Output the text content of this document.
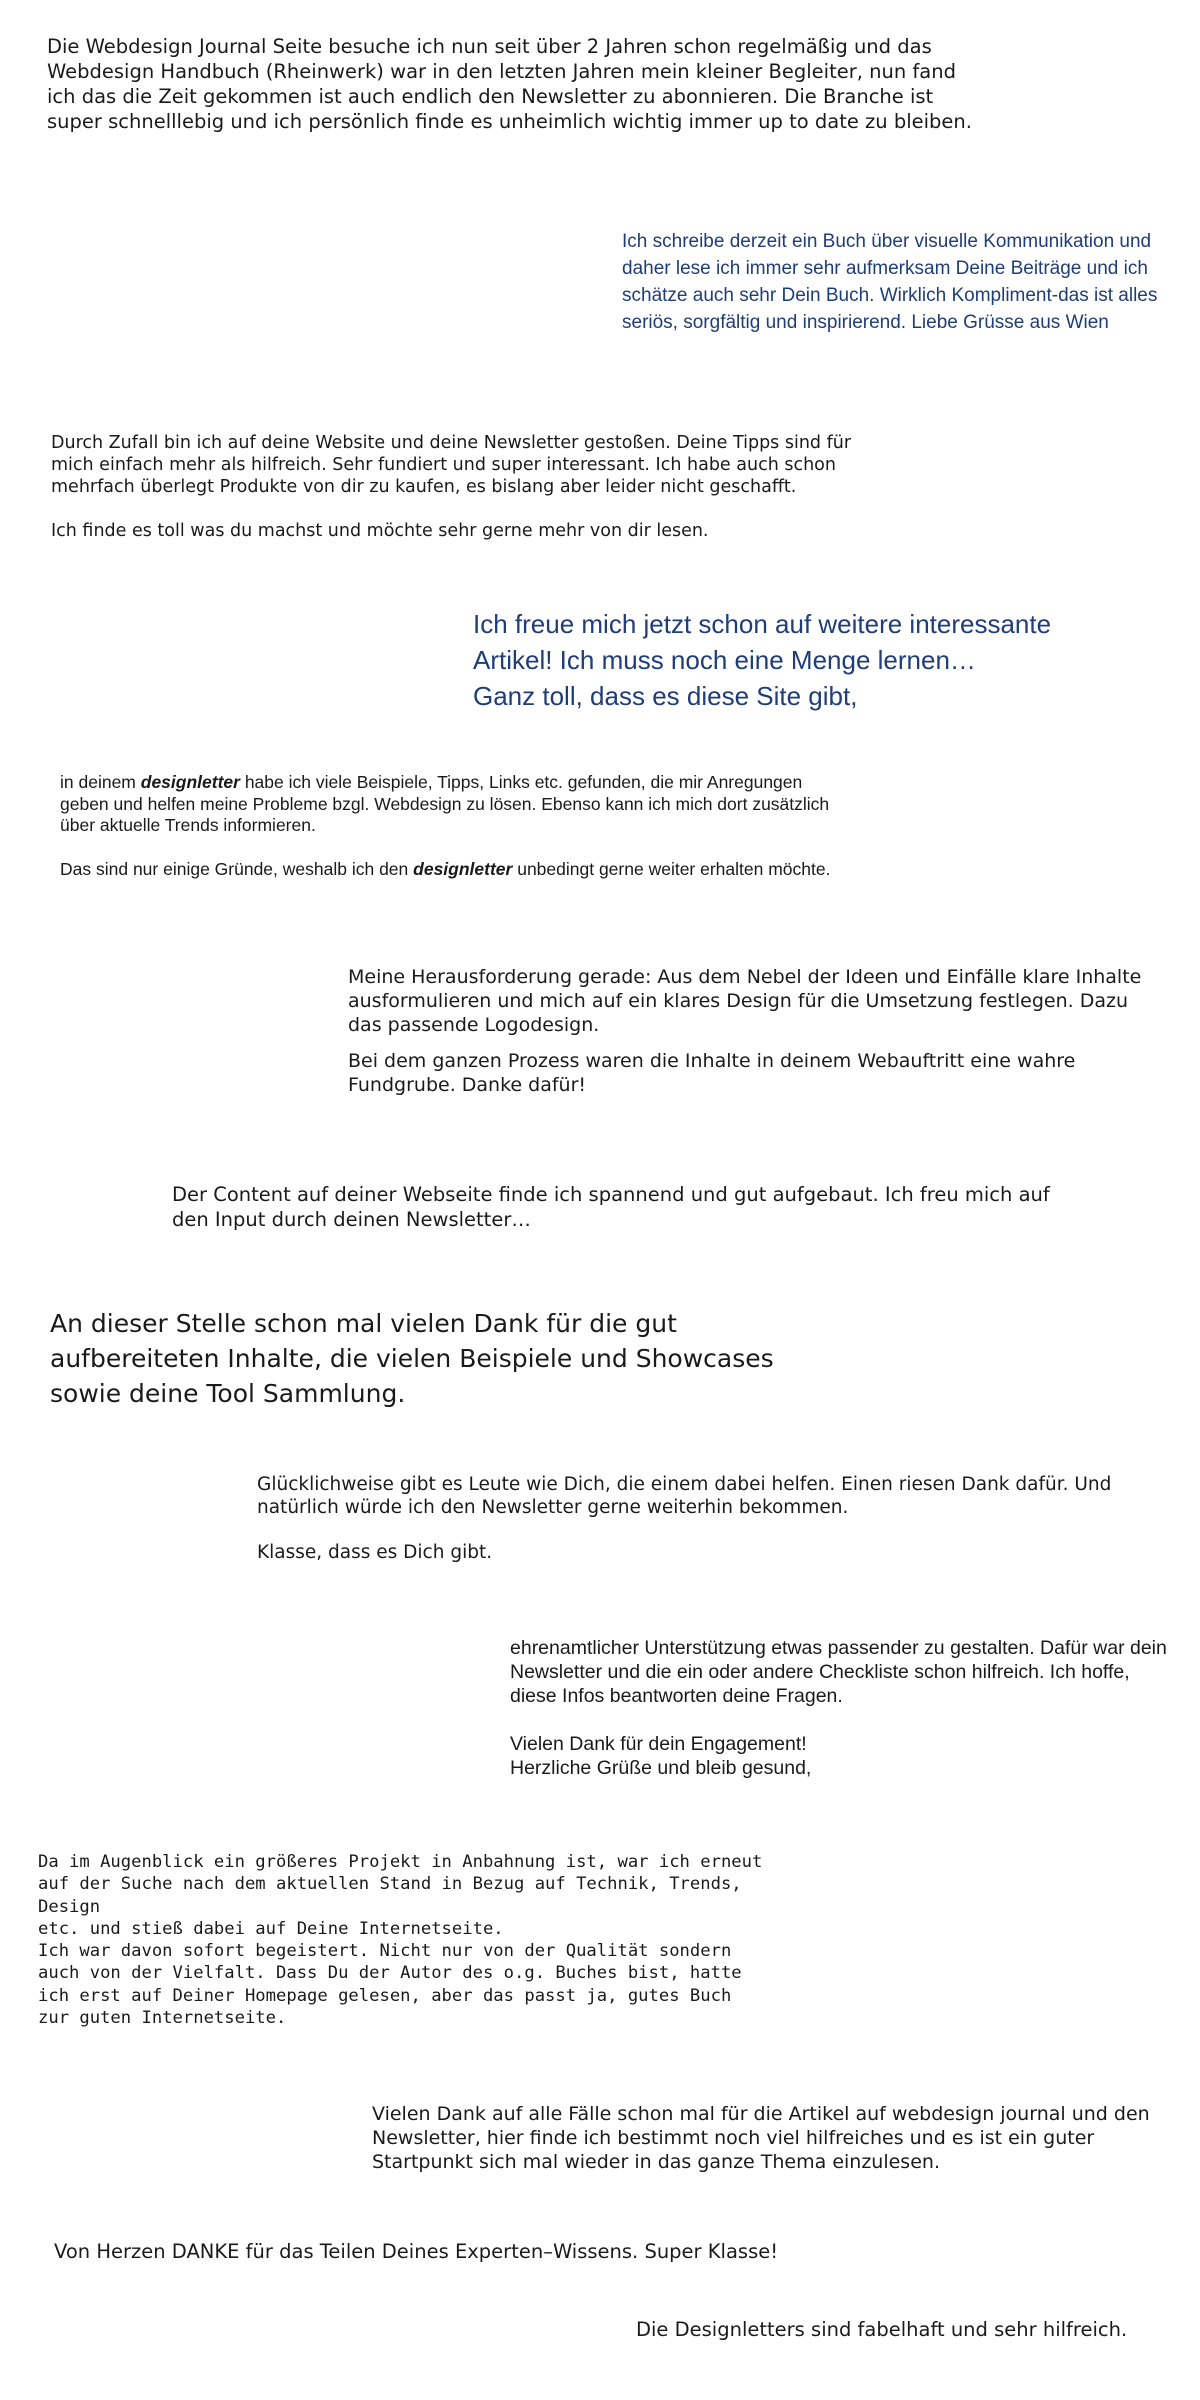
Die Webdesign Journal Seite besuche ich nun seit über 2 Jahren schon regelmäßig und das Webdesign Handbuch (Rheinwerk) war in den letzten Jahren mein kleiner Begleiter, nun fand ich das die Zeit gekommen ist auch endlich den Newsletter zu abonnieren. Die Branche ist super schnelllebig und ich persönlich finde es unheimlich wichtig immer up to date zu bleiben.

Ich schreibe derzeit ein Buch über visuelle Kommunikation und daher lese ich immer sehr aufmerksam Deine Beiträge und ich schätze auch sehr Dein Buch. Wirklich Kompliment-das ist alles seriös, sorgfältig und inspirierend. Liebe Grüsse aus Wien

Durch Zufall bin ich auf deine Website und deine Newsletter gestoßen. Deine Tipps sind für mich einfach mehr als hilfreich. Sehr fundiert und super interessant. Ich habe auch schon mehrfach überlegt Produkte von dir zu kaufen, es bislang aber leider nicht geschafft.

Ich finde es toll was du machst und möchte sehr gerne mehr von dir lesen.

Ich freue mich jetzt schon auf weitere interessante

Artikel! Ich muss noch eine Menge lernen…

Ganz toll, dass es diese Site gibt,

in deinem designletter habe ich viele Beispiele, Tipps, Links etc. gefunden, die mir Anregungen geben und helfen meine Probleme bzgl. Webdesign zu lösen. Ebenso kann ich mich dort zusätzlich über aktuelle Trends informieren.

Das sind nur einige Gründe, weshalb ich den designletter unbedingt gerne weiter erhalten möchte.

Meine Herausforderung gerade: Aus dem Nebel der Ideen und Einfälle klare Inhalte ausformulieren und mich auf ein klares Design für die Umsetzung festlegen. Dazu das passende Logodesign.

Bei dem ganzen Prozess waren die Inhalte in deinem Webauftritt eine wahre Fundgrube. Danke dafür!

Der Content auf deiner Webseite finde ich spannend und gut aufgebaut. Ich freu mich auf den Input durch deinen Newsletter…

An dieser Stelle schon mal vielen Dank für die gut aufbereiteten Inhalte, die vielen Beispiele und Showcases sowie deine Tool Sammlung.

Glücklichweise gibt es Leute wie Dich, die einem dabei helfen. Einen riesen Dank dafür. Und natürlich würde ich den Newsletter gerne weiterhin bekommen.

Klasse, dass es Dich gibt.

ehrenamtlicher Unterstützung etwas passender zu gestalten. Dafür war dein Newsletter und die ein oder andere Checkliste schon hilfreich. Ich hoffe, diese Infos beantworten deine Fragen.

Vielen Dank für dein Engagement!

Herzliche Grüße und bleib gesund,

Da im Augenblick ein größeres Projekt in Anbahnung ist, war ich erneut

auf der Suche nach dem aktuellen Stand in Bezug auf Technik, Trends,

Design

etc. und stieß dabei auf Deine Internetseite.

Ich war davon sofort begeistert. Nicht nur von der Qualität sondern

auch von der Vielfalt. Dass Du der Autor des o.g. Buches bist, hatte

ich erst auf Deiner Homepage gelesen, aber das passt ja, gutes Buch

zur guten Internetseite.

Vielen Dank auf alle Fälle schon mal für die Artikel auf webdesign journal und den Newsletter, hier finde ich bestimmt noch viel hilfreiches und es ist ein guter Startpunkt sich mal wieder in das ganze Thema einzulesen.

Von Herzen DANKE für das Teilen Deines Experten–Wissens. Super Klasse!

Die Designletters sind fabelhaft und sehr hilfreich.
